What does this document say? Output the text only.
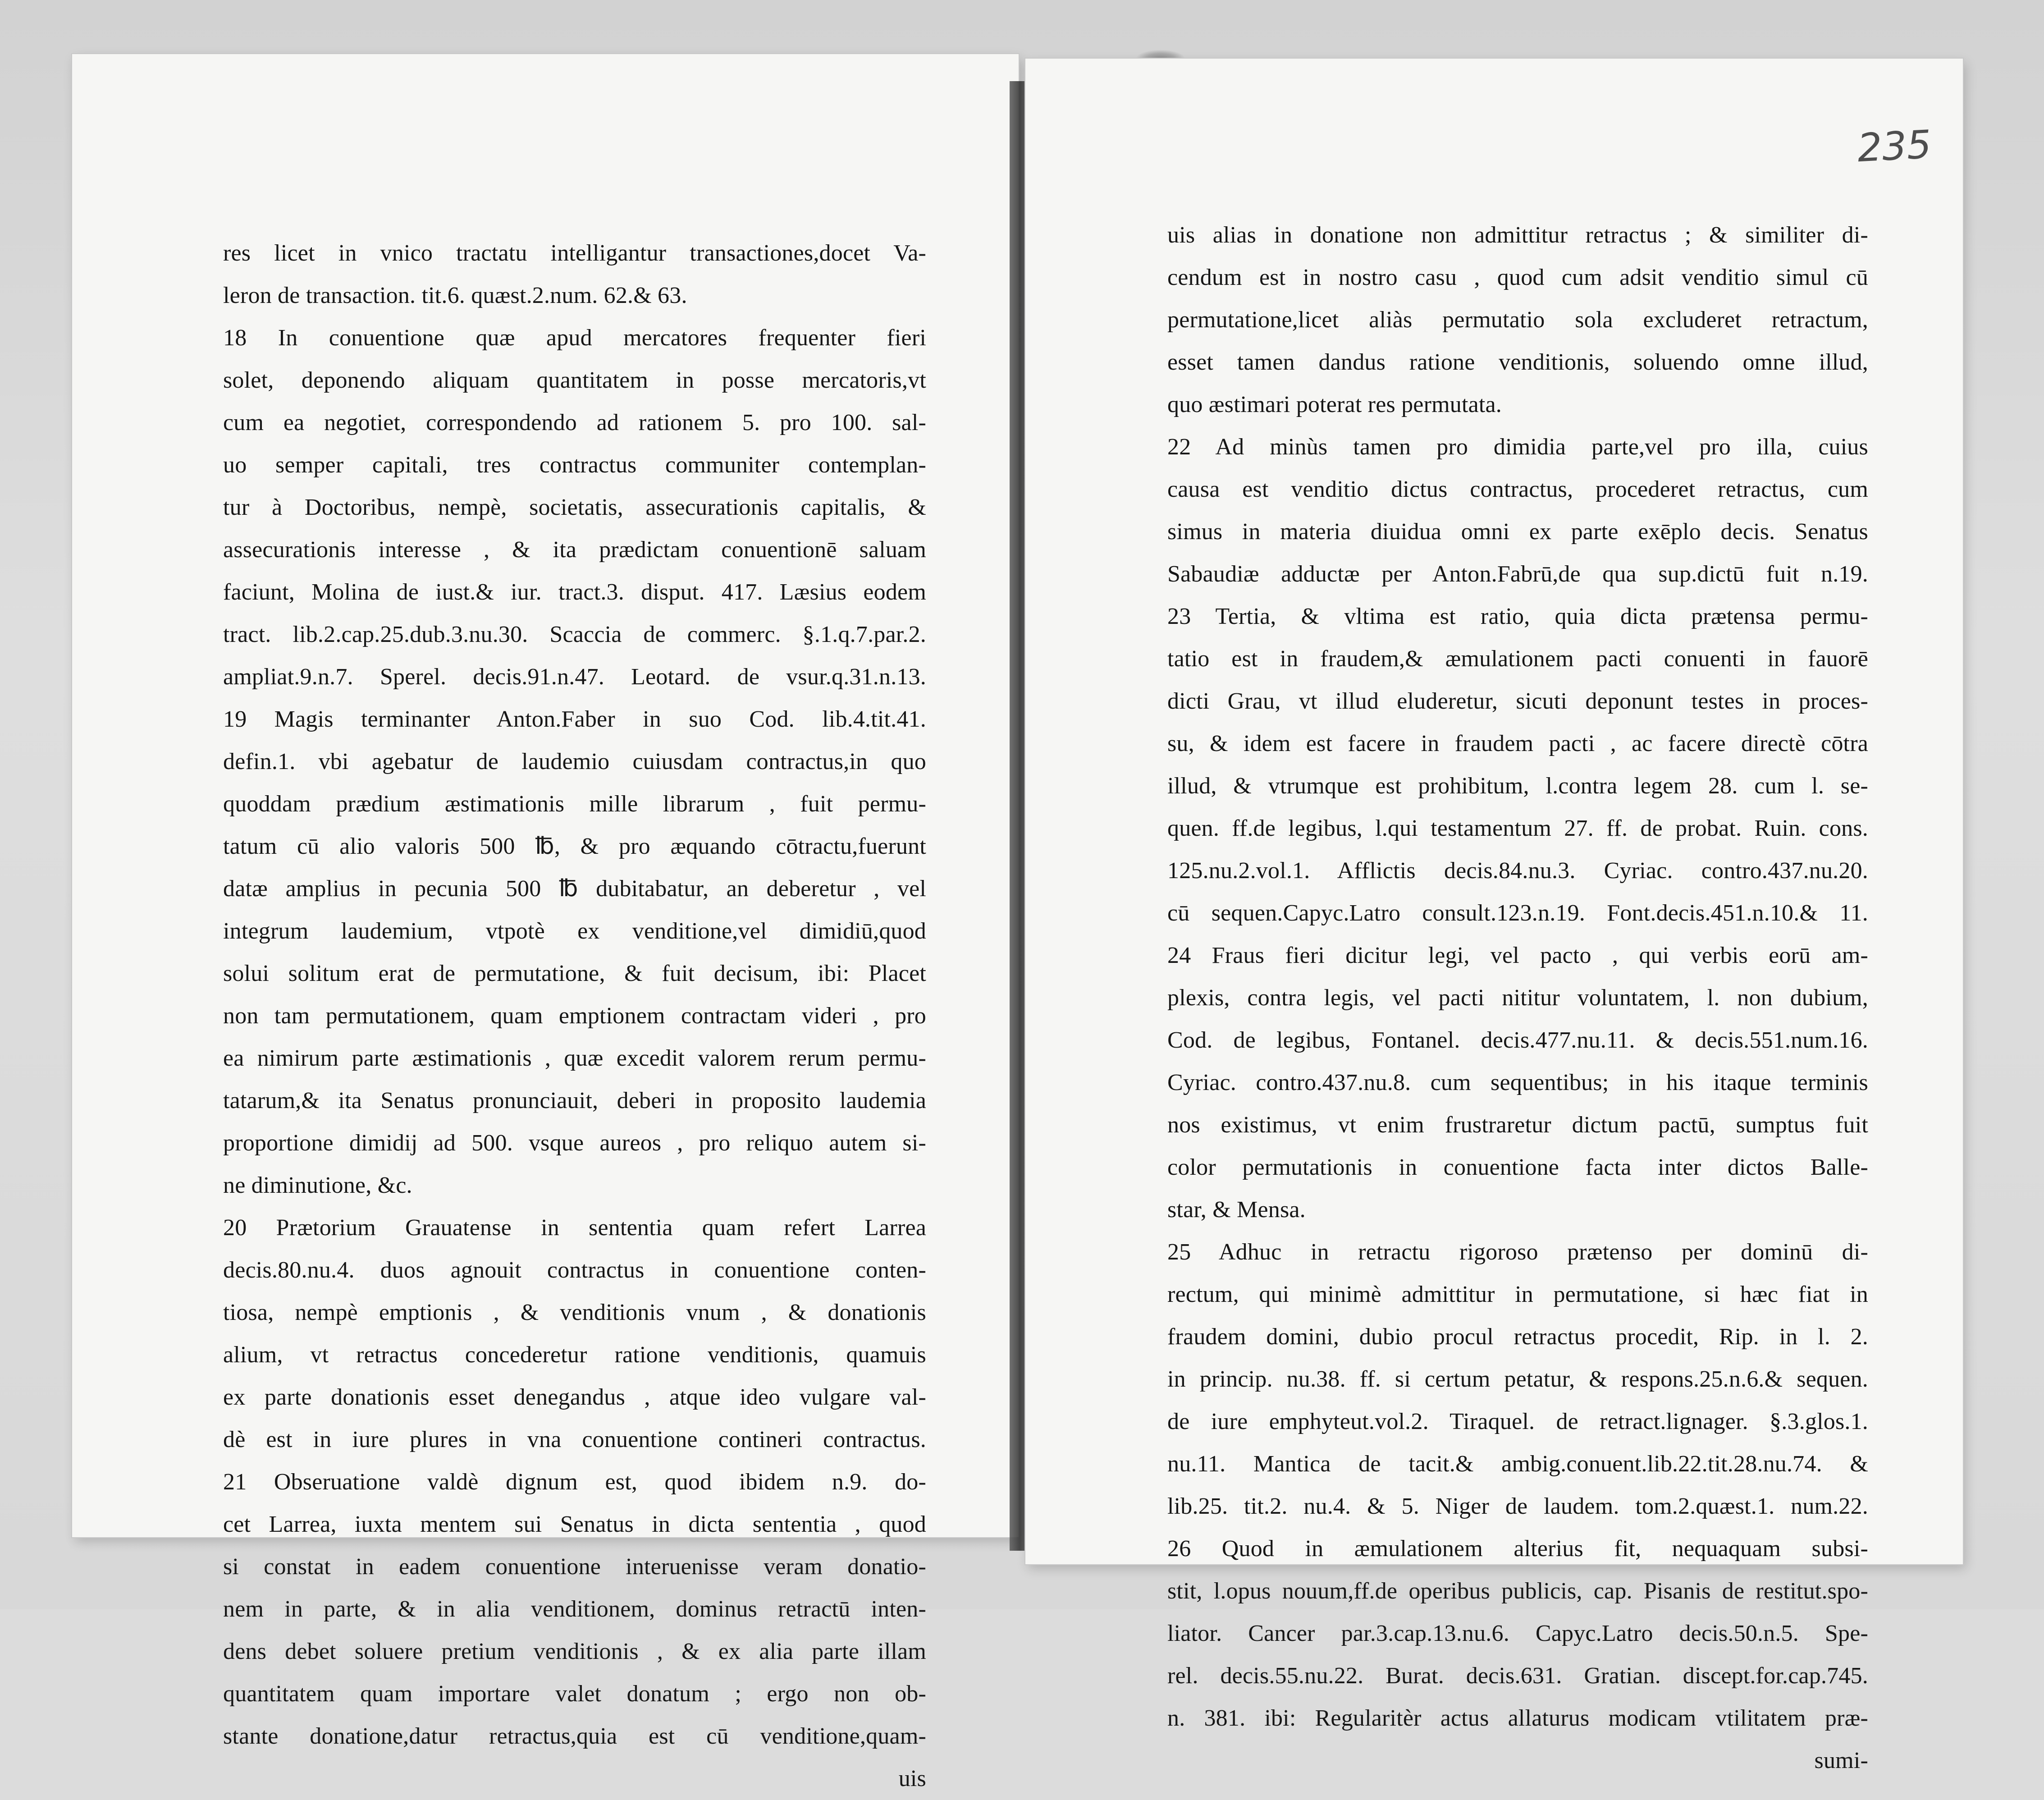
res licet in vnico tractatu intelligantur transactiones,docet Va-
leron de transaction. tit.6. quæst.2.num. 62.& 63.
18 In conuentione quæ apud mercatores frequenter fieri
solet, deponendo aliquam quantitatem in posse mercatoris,vt
cum ea negotiet, correspondendo ad rationem 5. pro 100. sal-
uo semper capitali, tres contractus communiter contemplan-
tur à Doctoribus, nempè, societatis, assecurationis capitalis, &
assecurationis interesse , & ita prædictam conuentionē saluam
faciunt, Molina de iust.& iur. tract.3. disput. 417. Læsius eodem
tract. lib.2.cap.25.dub.3.nu.30. Scaccia de commerc. §.1.q.7.par.2.
ampliat.9.n.7. Sperel. decis.91.n.47. Leotard. de vsur.q.31.n.13.
19 Magis terminanter Anton.Faber in suo Cod. lib.4.tit.41.
defin.1. vbi agebatur de laudemio cuiusdam contractus,in quo
quoddam prædium æstimationis mille librarum , fuit permu-
tatum cū alio valoris 500 ℔, & pro æquando cōtractu,fuerunt
datæ amplius in pecunia 500 ℔ dubitabatur, an deberetur , vel
integrum laudemium, vtpotè ex venditione,vel dimidiū,quod
solui solitum erat de permutatione, & fuit decisum, ibi: Placet
non tam permutationem, quam emptionem contractam videri , pro
ea nimirum parte æstimationis , quæ excedit valorem rerum permu-
tatarum,& ita Senatus pronunciauit, deberi in proposito laudemia
proportione dimidij ad 500. vsque aureos , pro reliquo autem si-
ne diminutione, &c.
20 Prætorium Grauatense in sententia quam refert Larrea
decis.80.nu.4. duos agnouit contractus in conuentione conten-
tiosa, nempè emptionis , & venditionis vnum , & donationis
alium, vt retractus concederetur ratione venditionis, quamuis
ex parte donationis esset denegandus , atque ideo vulgare val-
dè est in iure plures in vna conuentione contineri contractus.
21 Obseruatione valdè dignum est, quod ibidem n.9. do-
cet Larrea, iuxta mentem sui Senatus in dicta sententia , quod
si constat in eadem conuentione interuenisse veram donatio-
nem in parte, & in alia venditionem, dominus retractū inten-
dens debet soluere pretium venditionis , & ex alia parte illam
quantitatem quam importare valet donatum ; ergo non ob-
stante donatione,datur retractus,quia est cū venditione,quam-
uis
235
uis alias in donatione non admittitur retractus ; & similiter di-
cendum est in nostro casu , quod cum adsit venditio simul cū
permutatione,licet aliàs permutatio sola excluderet retractum,
esset tamen dandus ratione venditionis, soluendo omne illud,
quo æstimari poterat res permutata.
22 Ad minùs tamen pro dimidia parte,vel pro illa, cuius
causa est venditio dictus contractus, procederet retractus, cum
simus in materia diuidua omni ex parte exēplo decis. Senatus
Sabaudiæ adductæ per Anton.Fabrū,de qua sup.dictū fuit n.19.
23 Tertia, & vltima est ratio, quia dicta prætensa permu-
tatio est in fraudem,& æmulationem pacti conuenti in fauorē
dicti Grau, vt illud eluderetur, sicuti deponunt testes in proces-
su, & idem est facere in fraudem pacti , ac facere directè cōtra
illud, & vtrumque est prohibitum, l.contra legem 28. cum l. se-
quen. ff.de legibus, l.qui testamentum 27. ff. de probat. Ruin. cons.
125.nu.2.vol.1. Afflictis decis.84.nu.3. Cyriac. contro.437.nu.20.
cū sequen.Capyc.Latro consult.123.n.19. Font.decis.451.n.10.& 11.
24 Fraus fieri dicitur legi, vel pacto , qui verbis eorū am-
plexis, contra legis, vel pacti nititur voluntatem, l. non dubium,
Cod. de legibus, Fontanel. decis.477.nu.11. & decis.551.num.16.
Cyriac. contro.437.nu.8. cum sequentibus; in his itaque terminis
nos existimus, vt enim frustraretur dictum pactū, sumptus fuit
color permutationis in conuentione facta inter dictos Balle-
star, & Mensa.
25 Adhuc in retractu rigoroso prætenso per dominū di-
rectum, qui minimè admittitur in permutatione, si hæc fiat in
fraudem domini, dubio procul retractus procedit, Rip. in l. 2.
in princip. nu.38. ff. si certum petatur, & respons.25.n.6.& sequen.
de iure emphyteut.vol.2. Tiraquel. de retract.lignager. §.3.glos.1.
nu.11. Mantica de tacit.& ambig.conuent.lib.22.tit.28.nu.74. &
lib.25. tit.2. nu.4. & 5. Niger de laudem. tom.2.quæst.1. num.22.
26 Quod in æmulationem alterius fit, nequaquam subsi-
stit, l.opus nouum,ff.de operibus publicis, cap. Pisanis de restitut.spo-
liator. Cancer par.3.cap.13.nu.6. Capyc.Latro decis.50.n.5. Spe-
rel. decis.55.nu.22. Burat. decis.631. Gratian. discept.for.cap.745.
n. 381. ibi: Regularitèr actus allaturus modicam vtilitatem præ-
sumi-
